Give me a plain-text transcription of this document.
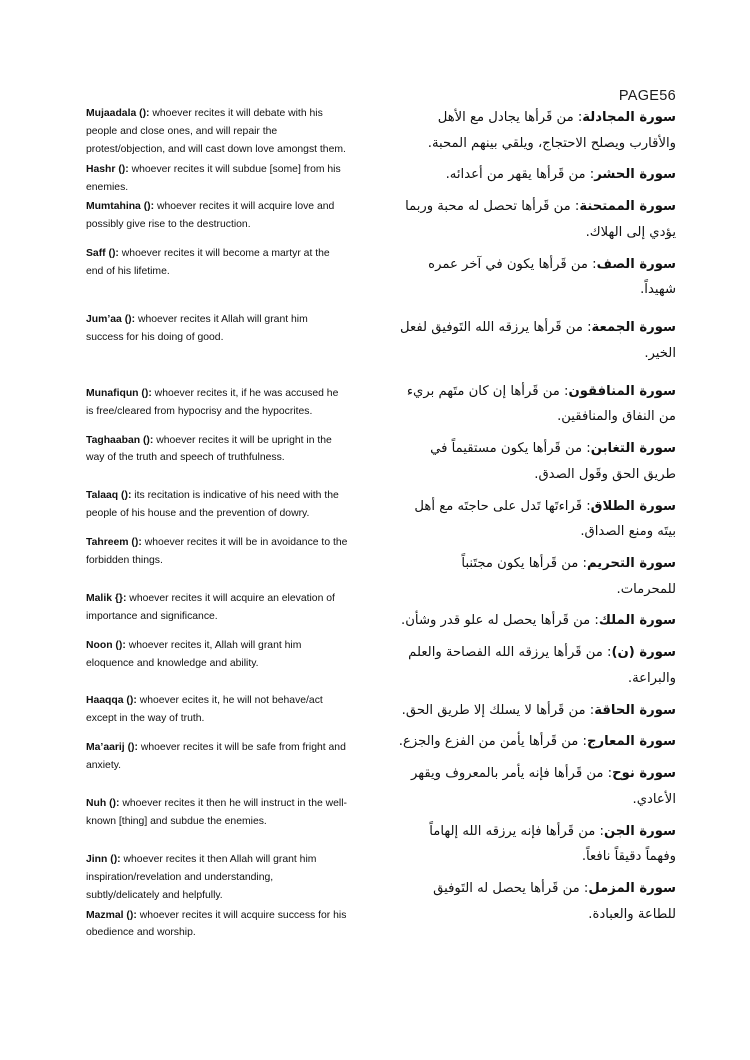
PAGE56

Mujaadala (): whoever recites it will debate with his people and close ones, and will repair the protest/objection, and will cast down love amongst them.

Hashr (): whoever recites it will subdue [some] from his enemies.

Mumtahina (): whoever recites it will acquire love and possibly give rise to the destruction.

Saff (): whoever recites it will become a martyr at the end of his lifetime.

Jum’aa (): whoever recites it Allah will grant him success for his doing of good.

Munafiqun (): whoever recites it, if he was accused he is free/cleared from hypocrisy and the hypocrites.

Taghaaban (): whoever recites it will be upright in the way of the truth and speech of truthfulness.

Talaaq (): its recitation is indicative of his need with the people of his house and the prevention of dowry.

Tahreem (): whoever recites it will be in avoidance to the forbidden things.

Malik {}: whoever recites it will acquire an elevation of importance and significance.

Noon (): whoever recites it, Allah will grant him eloquence and knowledge and ability.

Haaqqa (): whoever ecites it, he will not behave/act except in the way of truth.

Ma’aarij (): whoever recites it will be safe from fright and anxiety.

Nuh (): whoever recites it then he will instruct in the well-known [thing] and subdue the enemies.

Jinn (): whoever recites it then Allah will grant him inspiration/revelation and understanding, subtly/delicately and helpfully.

Mazmal (): whoever recites it will acquire success for his obedience and worship.

سورة المجادلة: من قَرأها يجادل مع الأهل والأقارب ويصلح الاحتجاج، ويلقي بينهم المحبة.

سورة الحشر: من قَرأها يقهر من أعدائه.

سورة الممتحنة: من قَرأها تحصل له محبة وربما يؤدي إلى الهلاك.

سورة الصف: من قَرأها يكون في آخر عمره شهيداً.

سورة الجمعة: من قَرأها يرزقه الله التَوفيق لفعل الخير.

سورة المنافقون: من قَرأها إن كان متَهم بريء من النفاق والمنافقين.

سورة التغابن: من قَرأها يكون مستقيماً في طريق الحق وقَول الصدق.

سورة الطلاق: قَراءتَها تَدل على حاجتَه مع أهل بيتَه ومنع الصداق.

سورة التحريم: من قَرأها يكون مجتَنباً للمحرمات.

سورة الملك: من قَرأها يحصل له علو قدر وشأن.

سورة (ن): من قَرأها يرزقه الله الفصاحة والعلم والبراعة.

سورة الحاقة: من قَرأها لا يسلك إلا طريق الحق.

سورة المعارج: من قَرأها يأمن من الفزع والجزع.

سورة نوح: من قَرأها فإنه يأمر بالمعروف ويقهر الأعادي.

سورة الجن: من قَرأها فإنه يرزقه الله إلهاماً وفهماً دقيقاً نافعاً.

سورة المزمل: من قَرأها يحصل له التَوفيق للطاعة والعبادة.
